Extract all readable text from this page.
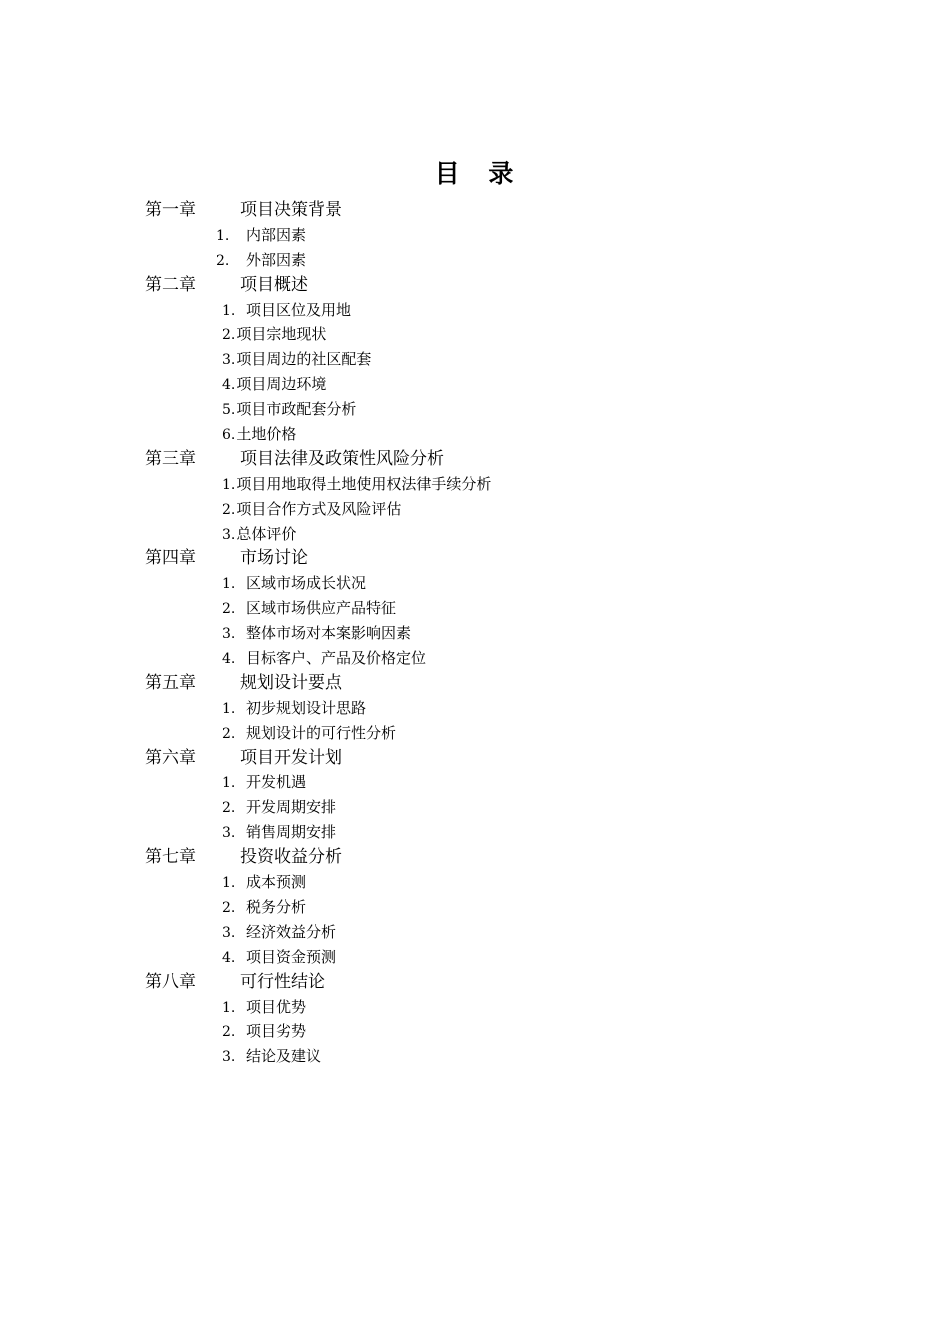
目 录
第一章	项目决策背景
1. 内部因素
2. 外部因素
第二章	项目概述
1. 项目区位及用地
2.项目宗地现状
3.项目周边的社区配套
4.项目周边环境
5.项目市政配套分析
6.土地价格
第三章	项目法律及政策性风险分析
1.项目用地取得土地使用权法律手续分析
2.项目合作方式及风险评估
3.总体评价
第四章	市场讨论
1. 区域市场成长状况
2. 区域市场供应产品特征
3. 整体市场对本案影响因素
4. 目标客户、产品及价格定位
第五章	规划设计要点
1. 初步规划设计思路
2. 规划设计的可行性分析
第六章	项目开发计划
1. 开发机遇
2. 开发周期安排
3. 销售周期安排
第七章	投资收益分析
1. 成本预测
2. 税务分析
3. 经济效益分析
4. 项目资金预测
第八章	可行性结论
1. 项目优势
2. 项目劣势
3. 结论及建议
